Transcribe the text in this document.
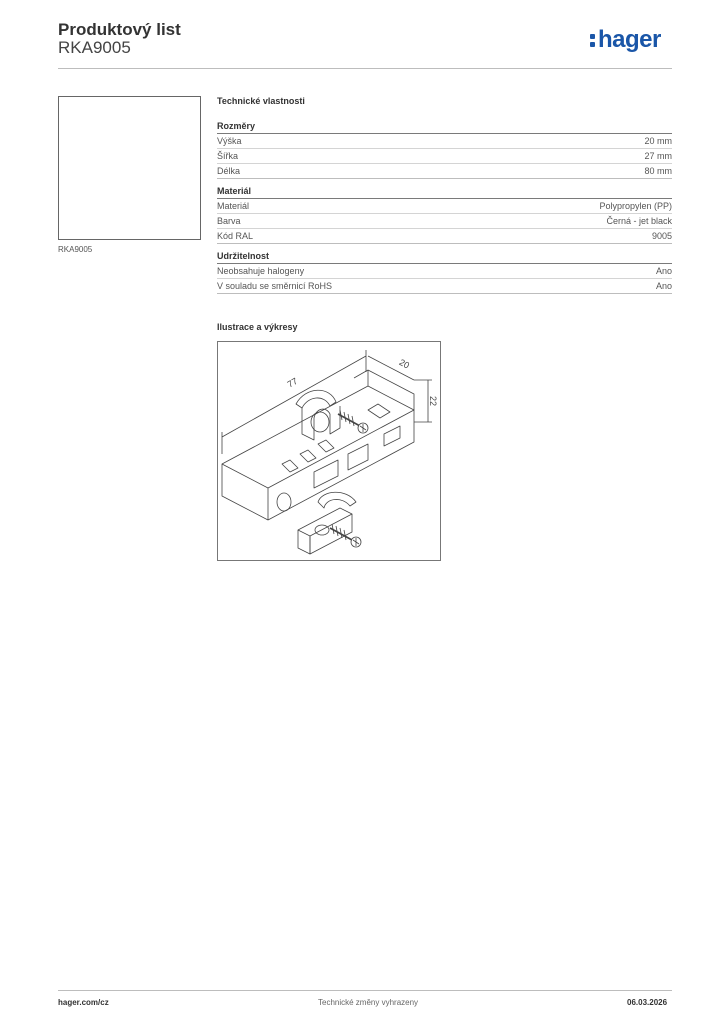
Produktový list
RKA9005	hager
RKA9005
Technické vlastnosti
Rozměry
Výška	20 mm
Šířka	27 mm
Délka	80 mm
Materiál
Materiál	Polypropylen (PP)
Barva	Černá - jet black
Kód RAL	9005
Udržitelnost
Neobsahuje halogeny	Ano
V souladu se směrnicí RoHS	Ano
Ilustrace a výkresy
77
20
22
hager.com/cz	Technické změny vyhrazeny	06.03.2026
